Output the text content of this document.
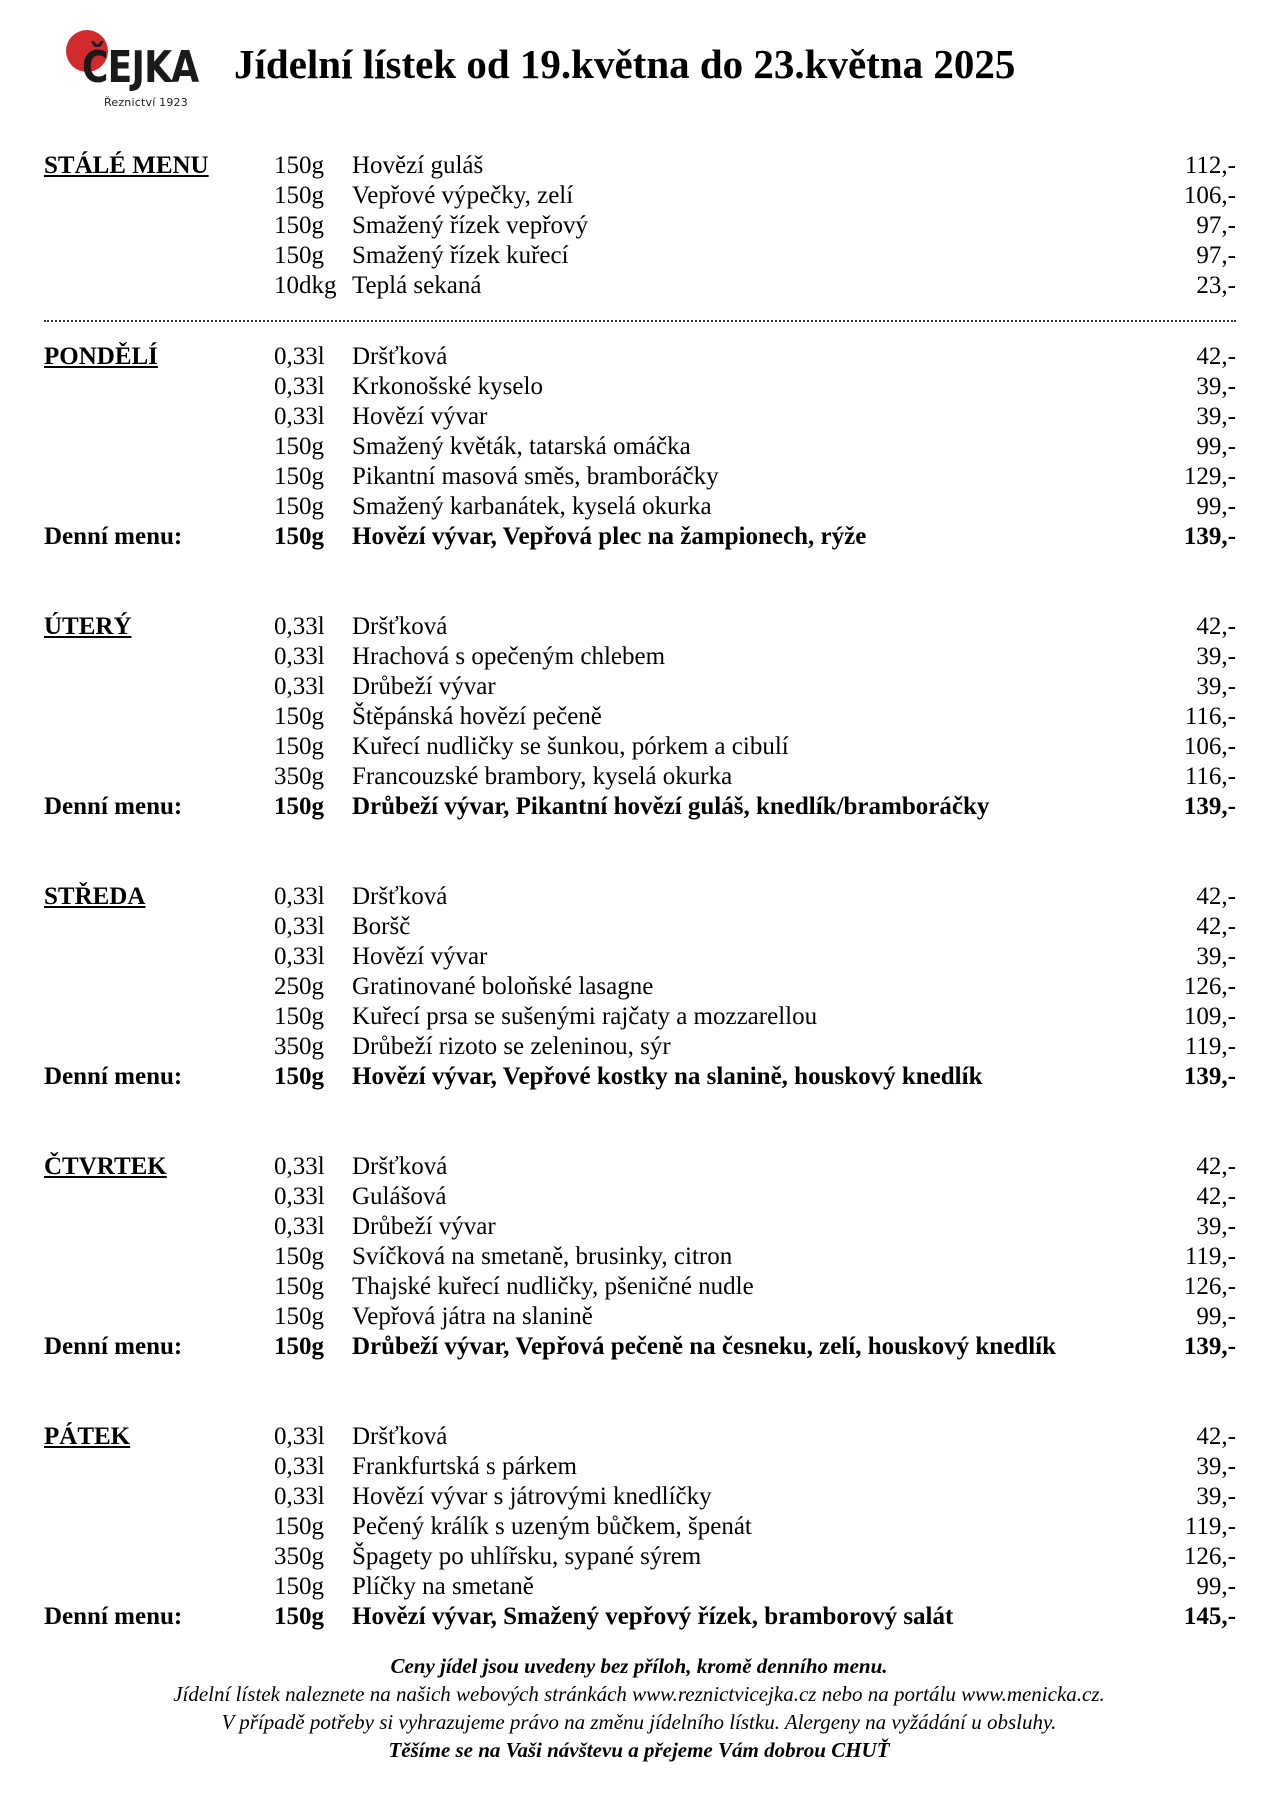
ČEJKA
Řeznictví 1923
Jídelní lístek od 19.května do 23.května 2025
STÁLÉ MENU	150g Hovězí guláš	112,-
150g Vepřové výpečky, zelí	106,-
150g Smažený řízek vepřový	97,-
150g Smažený řízek kuřecí	97,-
10dkg Teplá sekaná	23,-
PONDĚLÍ	0,33l Dršťková	42,-
0,33l Krkonošské kyselo	39,-
0,33l Hovězí vývar	39,-
150g Smažený květák, tatarská omáčka	99,-
150g Pikantní masová směs, bramboráčky	129,-
150g Smažený karbanátek, kyselá okurka	99,-
Denní menu:	150g Hovězí vývar, Vepřová plec na žampionech, rýže	139,-
ÚTERÝ	0,33l Dršťková	42,-
0,33l Hrachová s opečeným chlebem	39,-
0,33l Drůbeží vývar	39,-
150g Štěpánská hovězí pečeně	116,-
150g Kuřecí nudličky se šunkou, pórkem a cibulí	106,-
350g Francouzské brambory, kyselá okurka	116,-
Denní menu:	150g Drůbeží vývar, Pikantní hovězí guláš, knedlík/bramboráčky	139,-
STŘEDA	0,33l Dršťková	42,-
0,33l Boršč	42,-
0,33l Hovězí vývar	39,-
250g Gratinované boloňské lasagne	126,-
150g Kuřecí prsa se sušenými rajčaty a mozzarellou	109,-
350g Drůbeží rizoto se zeleninou, sýr	119,-
Denní menu:	150g Hovězí vývar, Vepřové kostky na slanině, houskový knedlík	139,-
ČTVRTEK	0,33l Dršťková	42,-
0,33l Gulášová	42,-
0,33l Drůbeží vývar	39,-
150g Svíčková na smetaně, brusinky, citron	119,-
150g Thajské kuřecí nudličky, pšeničné nudle	126,-
150g Vepřová játra na slanině	99,-
Denní menu:	150g Drůbeží vývar, Vepřová pečeně na česneku, zelí, houskový knedlík	139,-
PÁTEK	0,33l Dršťková	42,-
0,33l Frankfurtská s párkem	39,-
0,33l Hovězí vývar s játrovými knedlíčky	39,-
150g Pečený králík s uzeným bůčkem, špenát	119,-
350g Špagety po uhlířsku, sypané sýrem	126,-
150g Plíčky na smetaně	99,-
Denní menu:	150g Hovězí vývar, Smažený vepřový řízek, bramborový salát	145,-
Ceny jídel jsou uvedeny bez příloh, kromě denního menu.
Jídelní lístek naleznete na našich webových stránkách www.reznictvicejka.cz nebo na portálu www.menicka.cz.
V případě potřeby si vyhrazujeme právo na změnu jídelního lístku. Alergeny na vyžádání u obsluhy.
Těšíme se na Vaši návštevu a přejeme Vám dobrou CHUŤ
